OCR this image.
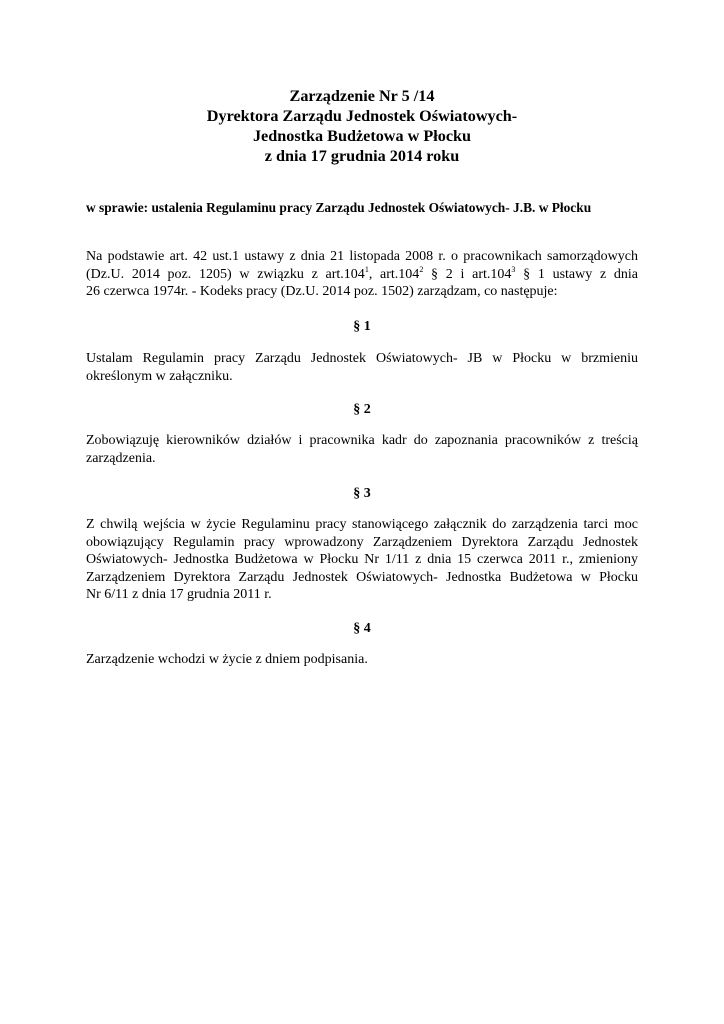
Zarządzenie Nr 5 /14
Dyrektora Zarządu Jednostek Oświatowych-
Jednostka Budżetowa w Płocku
z dnia 17 grudnia 2014 roku
w sprawie: ustalenia Regulaminu pracy Zarządu Jednostek Oświatowych- J.B. w Płocku
Na podstawie art. 42 ust.1 ustawy z dnia 21 listopada 2008 r. o pracownikach samorządowych
(Dz.U. 2014 poz. 1205) w związku z art.104$^1$, art.104$^2$ § 2 i art.104$^3$ § 1 ustawy z dnia
26 czerwca 1974r. - Kodeks pracy (Dz.U. 2014 poz. 1502) zarządzam, co następuje:
§ 1
Ustalam Regulamin pracy Zarządu Jednostek Oświatowych- JB w Płocku w brzmieniu
określonym w załączniku.
§ 2
Zobowiązuję kierowników działów i pracownika kadr do zapoznania pracowników z treścią
zarządzenia.
§ 3
Z chwilą wejścia w życie Regulaminu pracy stanowiącego załącznik do zarządzenia tarci moc
obowiązujący Regulamin pracy wprowadzony Zarządzeniem Dyrektora Zarządu Jednostek
Oświatowych- Jednostka Budżetowa w Płocku Nr 1/11 z dnia 15 czerwca 2011 r., zmieniony
Zarządzeniem Dyrektora Zarządu Jednostek Oświatowych- Jednostka Budżetowa w Płocku
Nr 6/11 z dnia 17 grudnia 2011 r.
§ 4
Zarządzenie wchodzi w życie z dniem podpisania.
